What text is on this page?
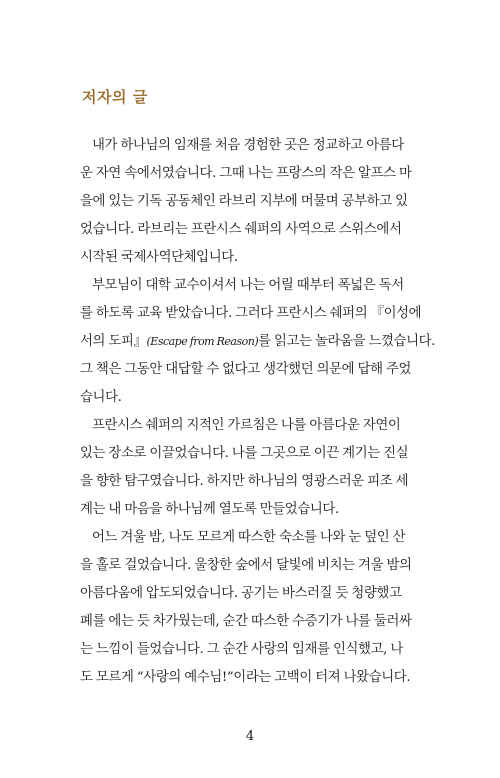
저자의 글
내가 하나님의 임재를 처음 경험한 곳은 정교하고 아름다
운 자연 속에서였습니다. 그때 나는 프랑스의 작은 알프스 마
을에 있는 기독 공동체인 라브리 지부에 머물며 공부하고 있
었습니다. 라브리는 프란시스 쉐퍼의 사역으로 스위스에서
시작된 국제사역단체입니다.
부모님이 대학 교수이셔서 나는 어릴 때부터 폭넓은 독서
를 하도록 교육 받았습니다. 그러다 프란시스 쉐퍼의 『이성에
서의 도피』(Escape from Reason)를 읽고는 놀라움을 느꼈습니다.
그 책은 그동안 대답할 수 없다고 생각했던 의문에 답해 주었
습니다.
프란시스 쉐퍼의 지적인 가르침은 나를 아름다운 자연이
있는 장소로 이끌었습니다. 나를 그곳으로 이끈 계기는 진실
을 향한 탐구였습니다. 하지만 하나님의 영광스러운 피조 세
계는 내 마음을 하나님께 열도록 만들었습니다.
어느 겨울 밤, 나도 모르게 따스한 숙소를 나와 눈 덮인 산
을 홀로 걸었습니다. 울창한 숲에서 달빛에 비치는 겨울 밤의
아름다움에 압도되었습니다. 공기는 바스러질 듯 청량했고
폐를 에는 듯 차가웠는데, 순간 따스한 수증기가 나를 둘러싸
는 느낌이 들었습니다. 그 순간 사랑의 임재를 인식했고, 나
도 모르게 “사랑의 예수님!”이라는 고백이 터져 나왔습니다.
4
